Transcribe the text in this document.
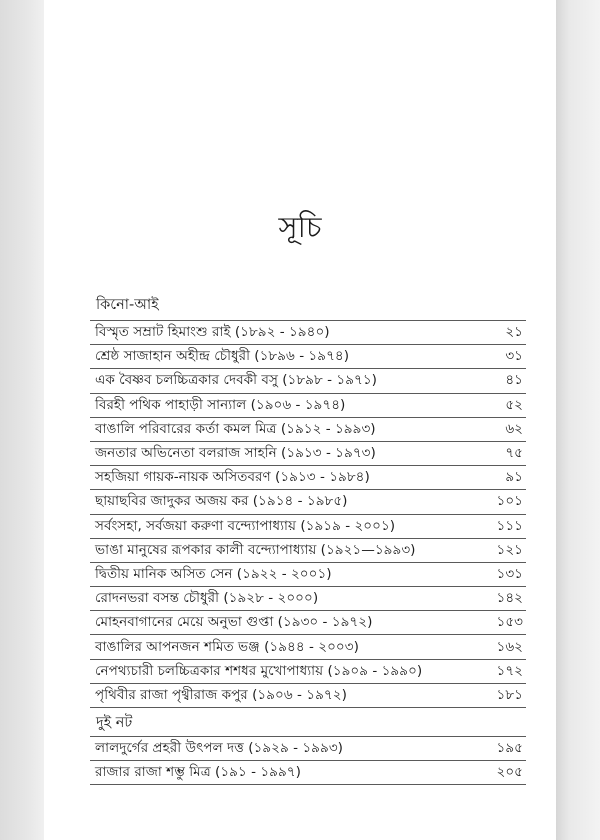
সূচি
কিনো-আই
বিস্মৃত সম্রাট হিমাংশু রাই (১৮৯২ - ১৯৪০)	২১
শ্রেষ্ঠ সাজাহান অহীন্দ্র চৌধুরী (১৮৯৬ - ১৯৭৪)	৩১
এক বৈষ্ণব চলচ্চিত্রকার দেবকী বসু (১৮৯৮ - ১৯৭১)	৪১
বিরহী পথিক পাহাড়ী সান্যাল (১৯০৬ - ১৯৭৪)	৫২
বাঙালি পরিবারের কর্তা কমল মিত্র (১৯১২ - ১৯৯৩)	৬২
জনতার অভিনেতা বলরাজ সাহনি (১৯১৩ - ১৯৭৩)	৭৫
সহজিয়া গায়ক-নায়ক অসিতবরণ (১৯১৩ - ১৯৮৪)	৯১
ছায়াছবির জাদুকর অজয় কর (১৯১৪ - ১৯৮৫)	১০১
সর্বংসহা, সর্বজয়া করুণা বন্দ্যোপাধ্যায় (১৯১৯ - ২০০১)	১১১
ভাঙা মানুষের রূপকার কালী বন্দ্যোপাধ্যায় (১৯২১—১৯৯৩)	১২১
দ্বিতীয় মানিক অসিত সেন (১৯২২ - ২০০১)	১৩১
রোদনভরা বসন্ত চৌধুরী (১৯২৮ - ২০০০)	১৪২
মোহনবাগানের মেয়ে অনুভা গুপ্তা (১৯৩০ - ১৯৭২)	১৫৩
বাঙালির আপনজন শমিত ভঞ্জ (১৯৪৪ - ২০০৩)	১৬২
নেপথ্যচারী চলচ্চিত্রকার শশধর মুখোপাধ্যায় (১৯০৯ - ১৯৯০)	১৭২
পৃথিবীর রাজা পৃথ্বীরাজ কপুর (১৯০৬ - ১৯৭২)	১৮১
দুই নট
লালদুর্গের প্রহরী উৎপল দত্ত (১৯২৯ - ১৯৯৩)	১৯৫
রাজার রাজা শম্ভু মিত্র (১৯১ - ১৯৯৭)	২০৫
